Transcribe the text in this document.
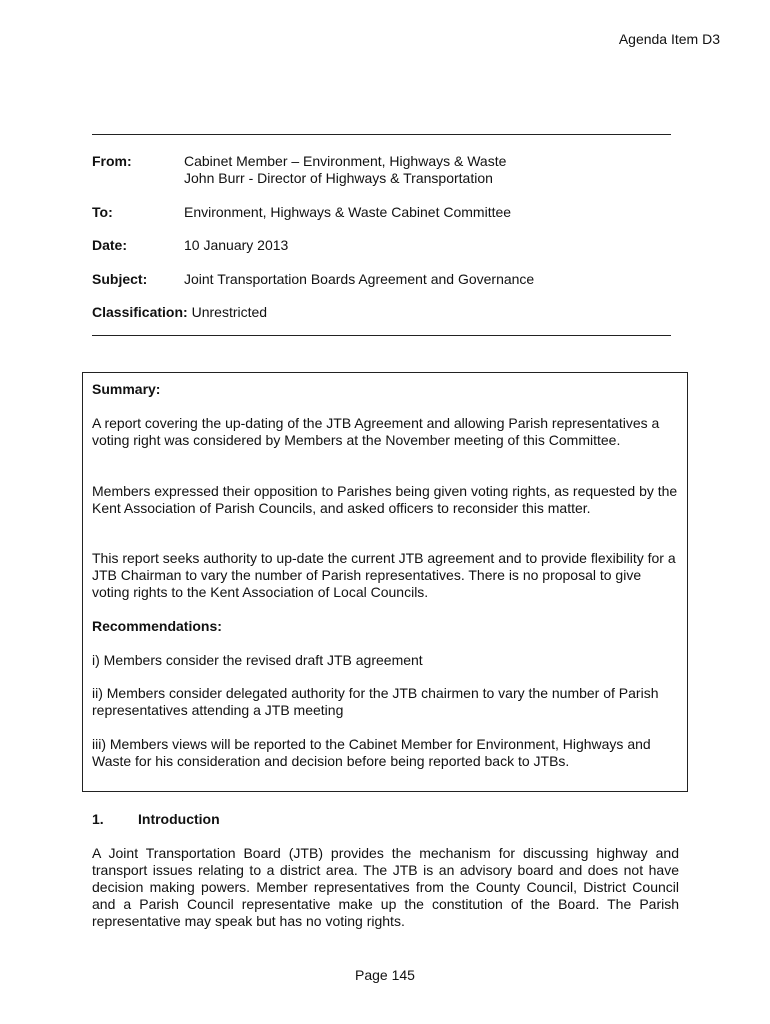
Agenda Item D3
From:	Cabinet Member – Environment, Highways & Waste
John Burr - Director of Highways & Transportation
To:	Environment, Highways & Waste Cabinet Committee
Date:	10 January 2013
Subject:	Joint Transportation Boards Agreement and Governance
Classification: Unrestricted

Summary:

A report covering the up-dating of the JTB Agreement and allowing Parish representatives a voting right was considered by Members at the November meeting of this Committee.

Members expressed their opposition to Parishes being given voting rights, as requested by the Kent Association of Parish Councils, and asked officers to reconsider this matter.

This report seeks authority to up-date the current JTB agreement and to provide flexibility for a JTB Chairman to vary the number of Parish representatives. There is no proposal to give voting rights to the Kent Association of Local Councils.

Recommendations:

i) Members consider the revised draft JTB agreement

ii) Members consider delegated authority for the JTB chairmen to vary the number of Parish representatives attending a JTB meeting

iii) Members views will be reported to the Cabinet Member for Environment, Highways and Waste for his consideration and decision before being reported back to JTBs.

1. Introduction

A Joint Transportation Board (JTB) provides the mechanism for discussing highway and transport issues relating to a district area. The JTB is an advisory board and does not have decision making powers. Member representatives from the County Council, District Council and a Parish Council representative make up the constitution of the Board. The Parish representative may speak but has no voting rights.

Page 145
